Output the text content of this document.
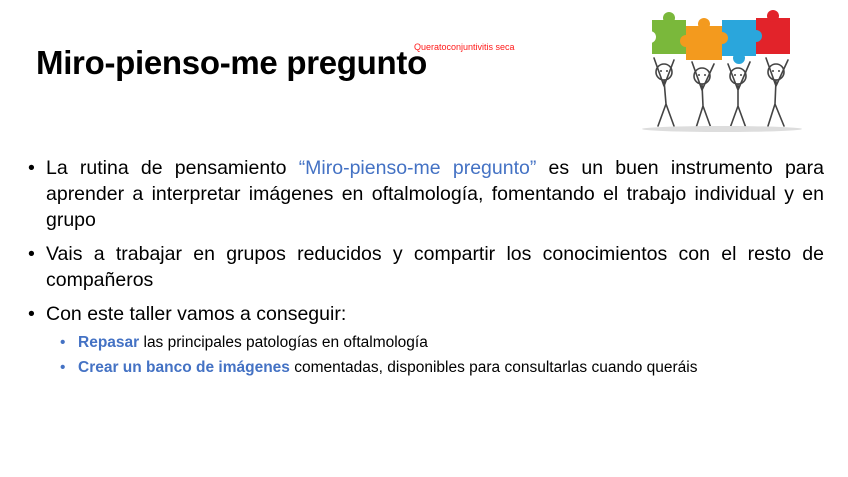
Miro-pienso-me pregunto
Queratoconjuntivitis seca
• La rutina de pensamiento “Miro-pienso-me pregunto” es un buen instrumento para aprender a interpretar imágenes en oftalmología, fomentando el trabajo individual y en grupo
• Vais a trabajar en grupos reducidos y compartir los conocimientos con el resto de compañeros
• Con este taller vamos a conseguir:
• Repasar las principales patologías en oftalmología
• Crear un banco de imágenes comentadas, disponibles para consultarlas cuando queráis
